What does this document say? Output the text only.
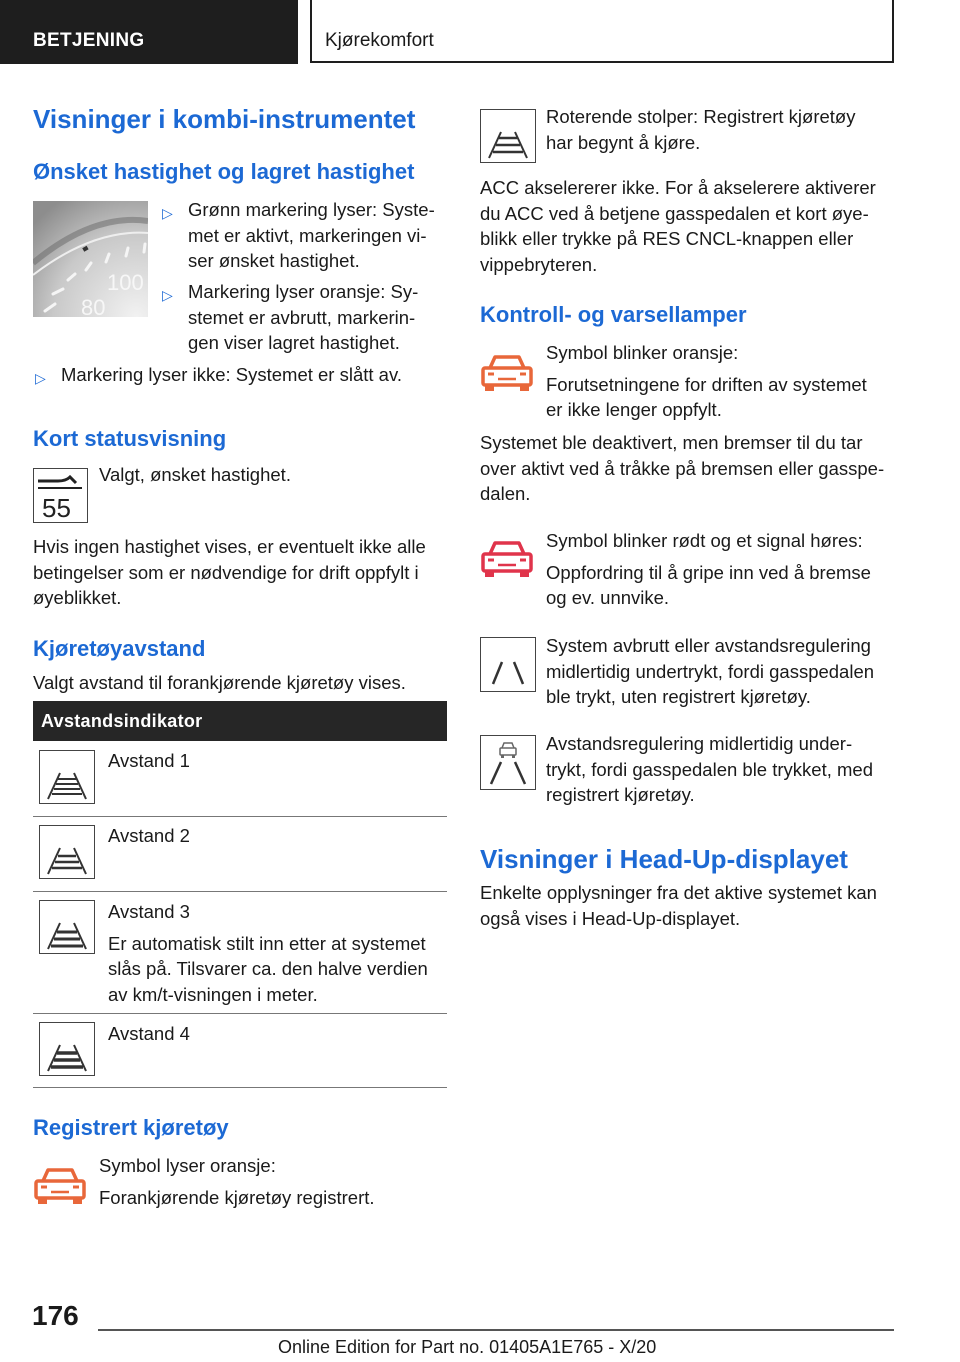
BETJENING	Kjørekomfort
Visninger i kombi-instrumentet
Ønsket hastighet og lagret hastighet
100
80
▷ Grønn markering lyser: Syste-
met er aktivt, markeringen vi-
ser ønsket hastighet.
▷ Markering lyser oransje: Sy-
stemet er avbrutt, markerin-
gen viser lagret hastighet.
▷ Markering lyser ikke: Systemet er slått av.
Kort statusvisning
55
Valgt, ønsket hastighet.
Hvis ingen hastighet vises, er eventuelt ikke alle
betingelser som er nødvendige for drift oppfylt i
øyeblikket.
Kjøretøyavstand
Valgt avstand til forankjørende kjøretøy vises.
Avstandsindikator
Avstand 1
Avstand 2
Avstand 3
Er automatisk stilt inn etter at systemet
slås på. Tilsvarer ca. den halve verdien
av km/t-visningen i meter.
Avstand 4
Registrert kjøretøy
Symbol lyser oransje:
Forankjørende kjøretøy registrert.
Roterende stolper: Registrert kjøretøy
har begynt å kjøre.
ACC akselererer ikke. For å akselerere aktiverer
du ACC ved å betjene gasspedalen et kort øye-
blikk eller trykke på RES CNCL-knappen eller
vippebryteren.
Kontroll- og varsellamper
Symbol blinker oransje:
Forutsetningene for driften av systemet
er ikke lenger oppfylt.
Systemet ble deaktivert, men bremser til du tar
over aktivt ved å tråkke på bremsen eller gasspe-
dalen.
Symbol blinker rødt og et signal høres:
Oppfordring til å gripe inn ved å bremse
og ev. unnvike.
System avbrutt eller avstandsregulering
midlertidig undertrykt, fordi gasspedalen
ble trykt, uten registrert kjøretøy.
Avstandsregulering midlertidig under-
trykt, fordi gasspedalen ble trykket, med
registrert kjøretøy.
Visninger i Head-Up-displayet
Enkelte opplysninger fra det aktive systemet kan
også vises i Head-Up-displayet.
176
Online Edition for Part no. 01405A1E765 - X/20
